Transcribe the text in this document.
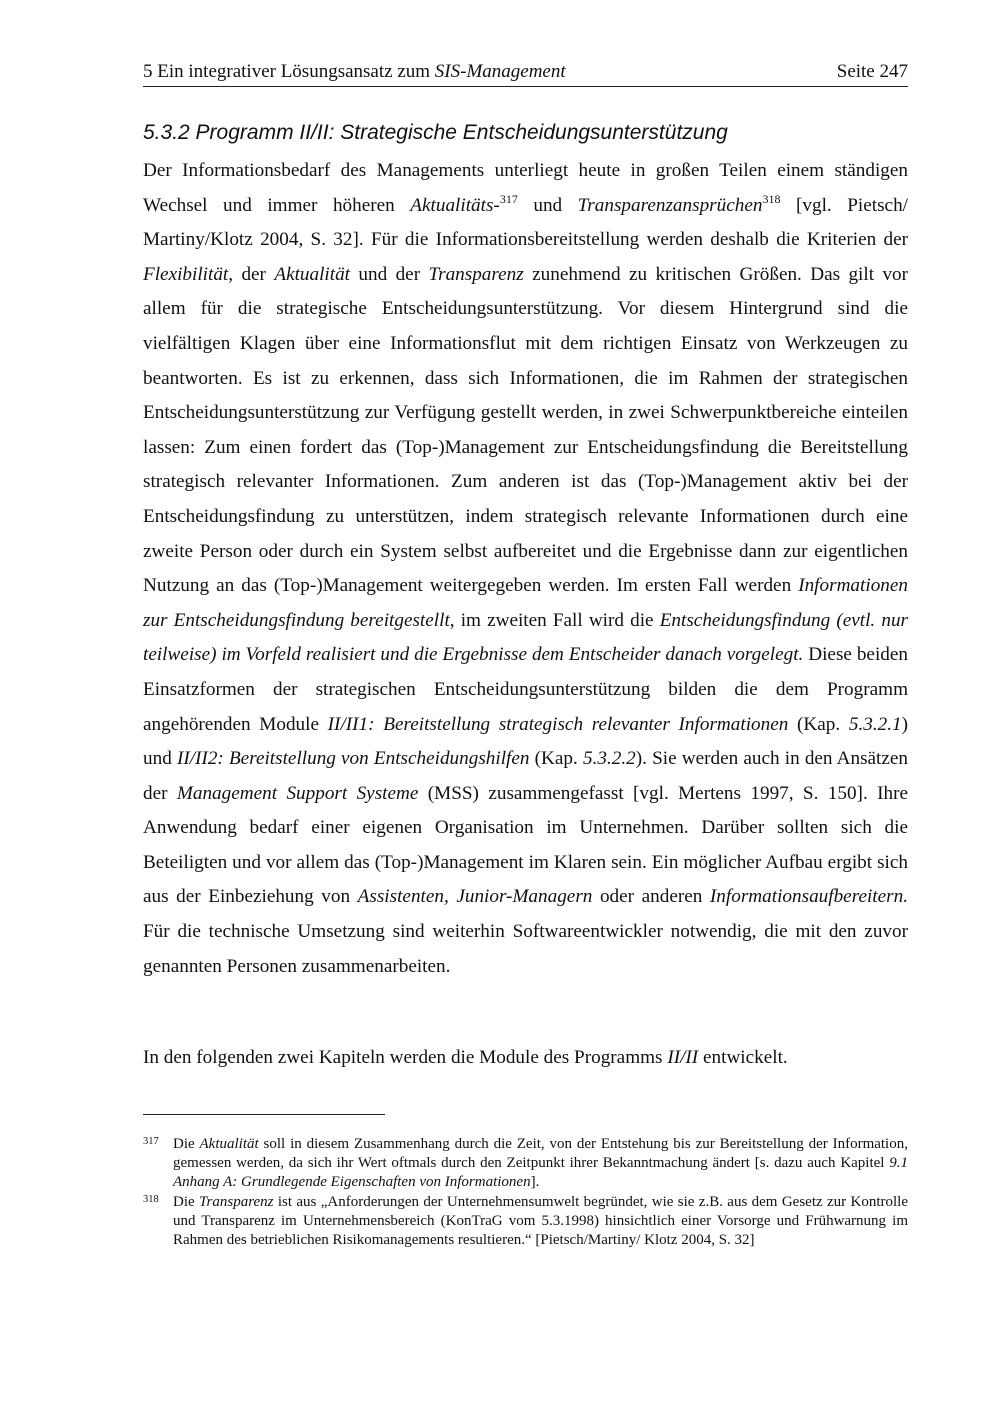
5 Ein integrativer Lösungsansatz zum SIS-Management	Seite 247
5.3.2 Programm II/II: Strategische Entscheidungsunterstützung

Der Informationsbedarf des Managements unterliegt heute in großen Teilen einem ständigen Wechsel und immer höheren Aktualitäts-$^{317}$ und Transparenzansprüchen$^{318}$ [vgl. Pietsch/ Martiny/Klotz 2004, S. 32]. Für die Informationsbereitstellung werden deshalb die Kriterien der Flexibilität, der Aktualität und der Transparenz zunehmend zu kritischen Größen. Das gilt vor allem für die strategische Entscheidungsunterstützung. Vor diesem Hintergrund sind die vielfältigen Klagen über eine Informationsflut mit dem richtigen Einsatz von Werkzeugen zu beantworten. Es ist zu erkennen, dass sich Informationen, die im Rahmen der strategischen Entscheidungsunterstützung zur Verfügung gestellt werden, in zwei Schwerpunktbereiche einteilen lassen: Zum einen fordert das (Top-)Management zur Entscheidungsfindung die Bereitstellung strategisch relevanter Informationen. Zum anderen ist das (Top-)Management aktiv bei der Entscheidungsfindung zu unterstützen, indem strategisch relevante Informationen durch eine zweite Person oder durch ein System selbst aufbereitet und die Ergebnisse dann zur eigentlichen Nutzung an das (Top-)Management weitergegeben werden. Im ersten Fall werden Informationen zur Entscheidungsfindung bereitgestellt, im zweiten Fall wird die Entscheidungsfindung (evtl. nur teilweise) im Vorfeld realisiert und die Ergebnisse dem Entscheider danach vorgelegt. Diese beiden Einsatzformen der strategischen Entscheidungsunterstützung bilden die dem Programm angehörenden Module II/II1: Bereitstellung strategisch relevanter Informationen (Kap. 5.3.2.1) und II/II2: Bereitstellung von Entscheidungshilfen (Kap. 5.3.2.2). Sie werden auch in den Ansätzen der Management Support Systeme (MSS) zusammengefasst [vgl. Mertens 1997, S. 150]. Ihre Anwendung bedarf einer eigenen Organisation im Unternehmen. Darüber sollten sich die Beteiligten und vor allem das (Top-)Management im Klaren sein. Ein möglicher Aufbau ergibt sich aus der Einbeziehung von Assistenten, Junior-Managern oder anderen Informationsaufbereitern. Für die technische Umsetzung sind weiterhin Softwareentwickler notwendig, die mit den zuvor genannten Personen zusammenarbeiten.

In den folgenden zwei Kapiteln werden die Module des Programms II/II entwickelt.

317 Die Aktualität soll in diesem Zusammenhang durch die Zeit, von der Entstehung bis zur Bereitstellung der Information, gemessen werden, da sich ihr Wert oftmals durch den Zeitpunkt ihrer Bekanntmachung ändert [s. dazu auch Kapitel 9.1 Anhang A: Grundlegende Eigenschaften von Informationen].
318 Die Transparenz ist aus „Anforderungen der Unternehmensumwelt begründet, wie sie z.B. aus dem Gesetz zur Kontrolle und Transparenz im Unternehmensbereich (KonTraG vom 5.3.1998) hinsichtlich einer Vorsorge und Frühwarnung im Rahmen des betrieblichen Risikomanagements resultieren.“ [Pietsch/Martiny/ Klotz 2004, S. 32]
